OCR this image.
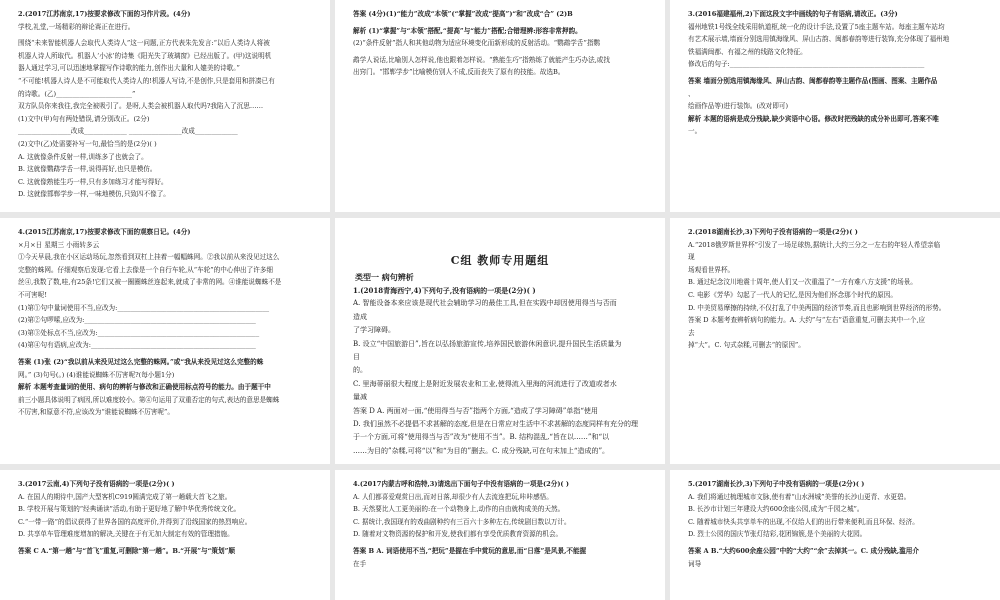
2.(2017江苏南京,17)按要求修改下面的习作片段。(4分)
学校,礼堂,一场精彩的辩论赛正在进行。
围绕“未来智能机器人会取代人类诗人”这一问题,正方代表朱先发言:“以后人类诗人将被
机器人诗人所取代。机器人‘小冰’的诗集《阳光失了玻璃窗》已经出版了。(甲)这说明机
器人通过学习,可以迅速地掌握写作诗歌的能力,创作出大量和人媲美的诗歌。”
“不可能!机器人诗人是不可能取代人类诗人的!机器人写诗,不是创作,只是套用和拼凑已有
的诗歌。(乙)_______________________”
双方队员你来我往,我完全被吸引了。是呀,人类会被机器人取代吗?我陷入了沉思……
(1)文中(甲)句有两处错误,请分别改正。(2分)
________________改成_____________ ________________改成_____________
(2)文中(乙)处需要补写一句,最恰当的是(2分)( )
A. 这就像条件反射一样,训练多了也就会了。
B. 这就像鹦鹉学舌一样,说得再好,也只是模仿。
C. 这就像熟能生巧一样,只有多加练习才能写得好。
D. 这就像邯郸学步一样,一味地模仿,只致四不像了。
答案 (4分)(1)“能力”改成“本领”(“掌握”改成“提高”)“和”改成“合” (2)B
解析 (1)“掌握”与“本领”搭配,“提高”与“能力”搭配;合错理辨:形容非常押韵。
(2)“条件反射”指人和其他动物为适应环境变化而新形成的反射活动。“鹦鹉学舌”指鹦
鹉学人说话,比喻别人怎样说,他也跟着怎样说。“熟能生巧”指熟练了就能产生巧办法,或找
出窍门。“邯郸学步”比喻模仿别人不成,反而丧失了原有的技能。故选B。
3.(2016福建福州,2)下面这段文字中画线的句子有语病,请改正。(3分)
福州地铁1号线全线采用轨道枢,统一化的设计手法,设置了5座主题车站。每座主题车站均
有艺术展示墙,墙面分别选用镇海缘风、屏山古韵、闽都春韵等进行装饰,充分体现了福州地
铁福满闽都、有福之州的线路文化特征。
修改后的句子:___________________________________________________________
答案 墙面分别选用镇海缘风、屏山古韵、闽都春韵等主题作品(图画、图案、主题作品
、
绘画作品等)进行装饰。(改对即可)
解析 本题的语病是成分残缺,缺少宾语中心语。修改时把残缺的成分补出即可,答案不唯
一。
4.(2015江苏南京,17)按要求修改下面的观察日记。(4分)
×月×日 星期三 小雨转多云
①今天早晨,我在小区运动场玩,忽然看到双杠上挂着一幅幅蛛网。②我以前从来没见过这么
完整的蛛网。仔细观察后发现:它看上去像是一个自行车轮,从“车轮”的中心伸出了许多细
丝④,我数了数,哇,有25条!它们又被一圈圈蛛丝连起来,就成了非常的网。④谁能说蜘蛛不是
不可害呢!
(1)第①句中量词使用不当,应改为:______________________________________________
(2)第②句啰嗦,应改为:____________________________________________________
(3)第③处标点不当,应改为:_________________________________________________
(4)第④句有语病,应改为:__________________________________________________
答案 (1)张 (2)“我以前从来没见过这么完整的蛛网。”或“我从来没见过这么完整的蛛
网。” (3)句号(。) (4)谁能说蜘蛛不厉害呢?(每小题1分)
解析 本题考查量词的使用、病句的辨析与修改和正确使用标点符号的能力。由于题干中
前三小题具体说明了病因,所以难度较小。第④句运用了双重否定的句式,表达的意思是蜘蛛
不厉害,和原意不符,应该改为“谁能说蜘蛛不厉害呢”。
C组 教师专用题组
类型一 病句辨析
1.(2018青海西宁,4)下列句子,没有语病的一项是(2分)( )
A. 智能设备本来应该是现代社会辅助学习的最佳工具,但在实践中却因使用得当与否而
造成
了学习障碍。
B. 设立“中国旅游日”,旨在以弘扬旅游宣传,培养国民旅游休闲意识,提升国民生活质量为
目
的。
C. 里海蒂丽很大程度上是附近发展农业和工业,使得流入里海的河流进行了改道或者水
量减
答案 D A. 两面对一面,“使用得当与否”指两个方面,“造成了学习障碍”单指“使用
D. 我们虽然不必提倡不求甚解的态度,但是在日常应对生活中不求甚解的态度同样有充分的理
于一个方面,可将“使用得当与否”改为“使用不当”。B. 结构混乱,“旨在以……”和“以
……为目的”杂糅,可将“以”和“为目的”删去。C. 成分残缺,可在句末加上“造成的”。
2.(2018湖南长沙,3)下列句子没有语病的一项是(2分)( )
A.“2018俄罗斯世界杯”引发了一场足球热,据统计,大约三分之一左右的年轻人希望亲临
现
场观看世界杯。
B. 通过纪念汶川地震十周年,使人们又一次重温了“一方有难八方支援”的场景。
C. 电影《芳华》勾起了一代人的记忆,是因为他们怀念那个时代的原因。
D. 中美贸易摩擦的持续,不仅打乱了中美两国的经济节奏,而且也影响到世界经济的形势。
答案 D 本题考查辨析病句的能力。A. 大约”与“左右”语意重复,可删去其中一个,应
去
掉“大”。C. 句式杂糅,可删去“的原因”。
3.(2017云南,4)下列句子没有语病的一项是(2分)( )
A. 在国人的期待中,国产大型客机C919圆满完成了第一趟载大首飞之旅。
B. 学校开展与策划的“经典诵读”活动,有助于更好地了解中华优秀传统文化。
C.“一带一路”的倡议获得了世界各国的高度评价,并得到了沿线国家的热烈响应。
D. 共享单车管理难度增加的解决,关键在于有无加大制定有效的管理措施。
答案 C A.“第一趟”与“首飞”重复,可删除“第一趟”。B.“开展”与“策划”顺
4.(2017内蒙古呼和浩特,3)请选出下面句子中没有语病的一项是(2分)( )
A. 人们都喜爱观赏日出,而对日落,却很少有人去流连把玩,咔咔感悟。
B. 天然要比人工更美丽的:在一个动物身上,动作的自由就构成美的天然。
C. 据统计,我国现有的戏曲剧种约有三百六十多种左右,传统剧目数以万计。
D. 随着对文物资源的保护和开发,使我们都有享受优质教育资源的机会。
答案 B A. 词语使用不当,“把玩”是握在手中赏玩的意思,而“日落”是风景,不能握
在手
5.(2017湖南长沙,3)下列句子中没有语病的一项是(2分)( )
A. 我们将通过梳理城市文脉,使有着“山水洲城”美誉的长沙山更青、水更碧。
B. 长沙市计划三年建设大约600余座公园,成为“千园之城”。
C. 随着城市快头共享单车的出现,不仅给人们的出行带来便利,而且环保、经济。
D. 烈士公园的国庆节张灯结彩,花团锦簇,是个美丽的大花园。
答案 A B.“大约600余座公园”中的“大约”“余”去掉其一。C. 成分残缺,滥用介
词导
